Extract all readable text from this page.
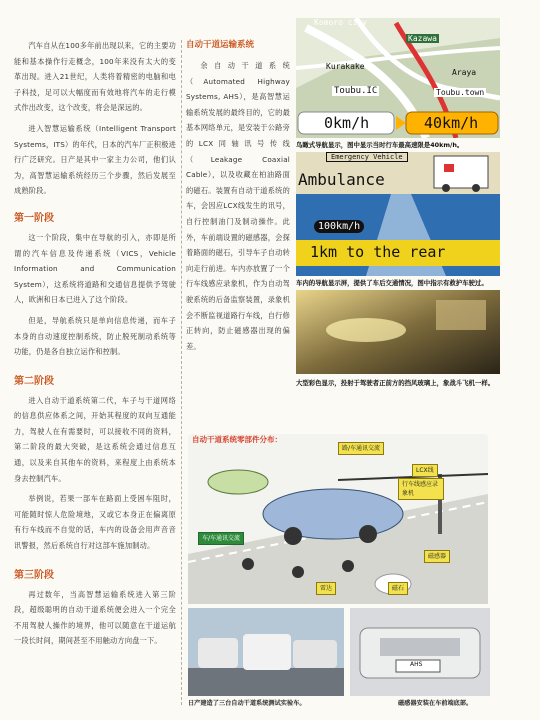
汽车自从在100多年前出现以来，它的主要功能和基本操作行走概念，100年来没有太大的变革出现。进入21世纪，人类将着精密的电脑和电子科技，足可以大幅度而有效地将汽车的走行模式作出改变，这个改变，将会是深远的。

进入智慧运输系统（Intelligent Transport Systems，ITS）的年代，日本的汽车厂正积极进行广泛研究。日产是其中一家主力公司，他们认为，高智慧运输系统经历三个步骤，然后发展至成熟阶段。

第一阶段

这一个阶段，集中在导航的引入，亦即是所谓的汽车信息及传递系统（VICS，Vehicle Information and Communication System），这系统将道路和交通信息提供予驾驶人，欧洲和日本已进入了这个阶段。

但是，导航系统只是单向信息传递，而车子本身的自动速度控制系统，防止脱死制动系统等功能，仍是各自独立运作和控制。

第二阶段

进入自动干道系统第二代，车子与干道网络的信息供应体系之间，开始其程度的双向互通能力，驾驶人在有需要时，可以接收不同的资料，第二阶段的最大突破，是这系统会通过信息互通，以及来自其他车的资料，来程度上由系统本身去控制汽车。

举例说，若果一部车在路面上受困车阻时，可能随时惊人危险境地，又或它本身正在偏离原有行车线而不自觉的话，车内的设备会用声音音讯警报，然后系统自行对这部车施加制动。

第三阶段

再过数年，当高智慧运输系统进入第三阶段，超级聪明的自动干道系统便会进入一个完全不用驾驶人操作的境界，他可以随意在干道运航一段长时间，期间甚至不用触动方向盘一下。

自动干道运输系统

余自动干道系统（Automated Highway Systems, AHS），是高智慧运输系统发展的最终目的，它的最基本网络单元，是安装于公路旁的LCX同轴讯号传线（Leakage Coaxial Cable），以及收藏在柏油路面的磁石。装置有自动干道系统的车，会因应LCX线发生的讯号，自行控制油门及制动操作。此外，车前端设置的磁感器，会探着路面的磁石，引导车子自动转向走行前进。车内亦放置了一个行车线感应录象机，作为自动驾驶系统的后备监察装置，录象机会不断监视道路行车线，自行修正转向，防止磁感器出现的偏差。

Komoro city
Kazawa
Kurakake
Araya
Toubu.IC	Toubu.town
0km/h	40km/h
鸟瞰式导航显示，图中显示当时行车最高速限是40km/h。
Emergency Vehicle
Ambulance
100km/h
1km to the rear
车内的导航显示屏，提供了车后交通情况，图中指示有救护车驶过。
大型彩色显示，投射于驾驶者正前方的挡风玻璃上，象战斗飞机一样。
自动干道系统零部件分布：
路/车通讯交流
LCX线
行车线感应录象机
车/车通讯交流
磁感器
雷达	磁石
AHS
日产建造了三台自动干道系统测试实验车。	磁感器安装在车前端底部。
